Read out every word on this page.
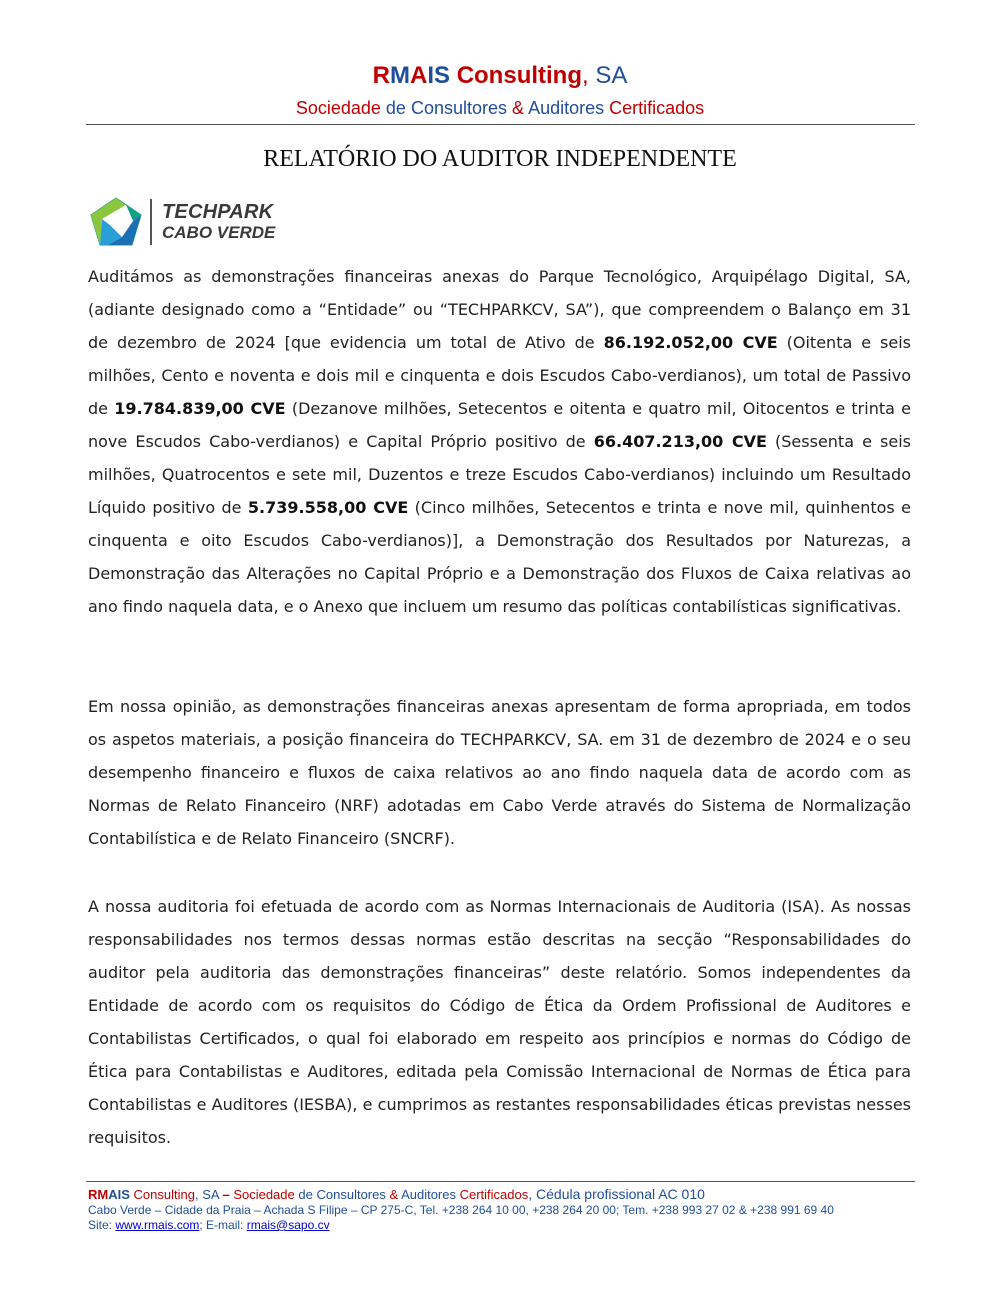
RMAIS Consulting, SA
Sociedade de Consultores & Auditores Certificados
RELATÓRIO DO AUDITOR INDEPENDENTE
TECHPARK
CABO VERDE
Auditámos as demonstrações financeiras anexas do Parque Tecnológico, Arquipélago Digital, SA, (adiante designado como a “Entidade” ou “TECHPARKCV, SA”), que compreendem o Balanço em 31 de dezembro de 2024 [que evidencia um total de Ativo de 86.192.052,00 CVE (Oitenta e seis milhões, Cento e noventa e dois mil e cinquenta e dois Escudos Cabo-verdianos), um total de Passivo de 19.784.839,00 CVE (Dezanove milhões, Setecentos e oitenta e quatro mil, Oitocentos e trinta e nove Escudos Cabo-verdianos) e Capital Próprio positivo de 66.407.213,00 CVE (Sessenta e seis milhões, Quatrocentos e sete mil, Duzentos e treze Escudos Cabo-verdianos) incluindo um Resultado Líquido positivo de 5.739.558,00 CVE (Cinco milhões, Setecentos e trinta e nove mil, quinhentos e cinquenta e oito Escudos Cabo-verdianos)], a Demonstração dos Resultados por Naturezas, a Demonstração das Alterações no Capital Próprio e a Demonstração dos Fluxos de Caixa relativas ao ano findo naquela data, e o Anexo que incluem um resumo das políticas contabilísticas significativas.
Em nossa opinião, as demonstrações financeiras anexas apresentam de forma apropriada, em todos os aspetos materiais, a posição financeira do TECHPARKCV, SA. em 31 de dezembro de 2024 e o seu desempenho financeiro e fluxos de caixa relativos ao ano findo naquela data de acordo com as Normas de Relato Financeiro (NRF) adotadas em Cabo Verde através do Sistema de Normalização Contabilística e de Relato Financeiro (SNCRF).
A nossa auditoria foi efetuada de acordo com as Normas Internacionais de Auditoria (ISA). As nossas responsabilidades nos termos dessas normas estão descritas na secção “Responsabilidades do auditor pela auditoria das demonstrações financeiras” deste relatório. Somos independentes da Entidade de acordo com os requisitos do Código de Ética da Ordem Profissional de Auditores e Contabilistas Certificados, o qual foi elaborado em respeito aos princípios e normas do Código de Ética para Contabilistas e Auditores, editada pela Comissão Internacional de Normas de Ética para Contabilistas e Auditores (IESBA), e cumprimos as restantes responsabilidades éticas previstas nesses requisitos.
RMAIS Consulting, SA – Sociedade de Consultores & Auditores Certificados, Cédula profissional AC 010
Cabo Verde – Cidade da Praia – Achada S Filipe – CP 275-C, Tel. +238 264 10 00, +238 264 20 00; Tem. +238 993 27 02 & +238 991 69 40
Site: www.rmais.com; E-mail: rmais@sapo.cv
